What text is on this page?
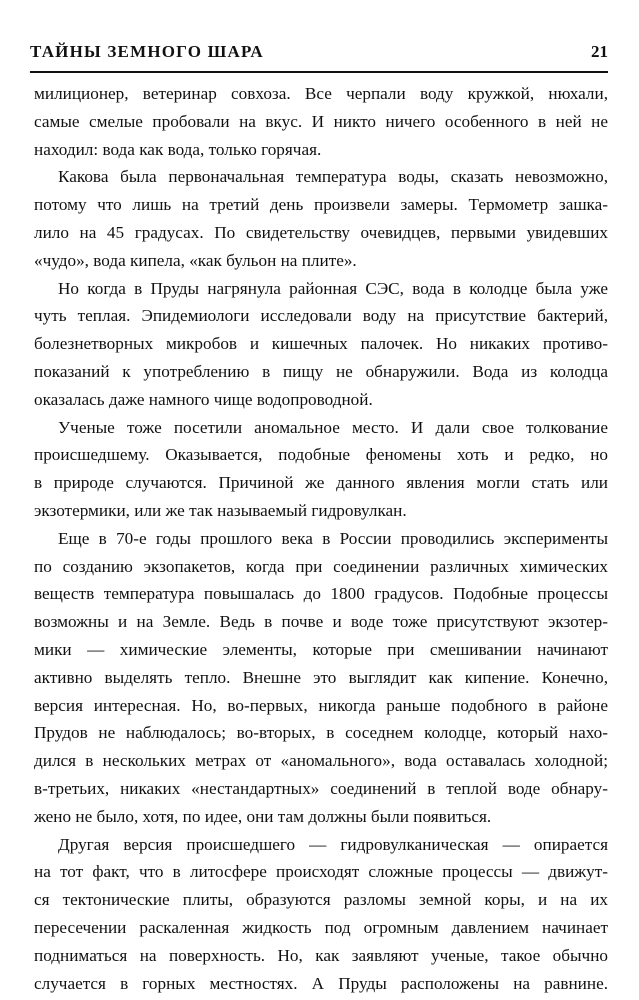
ТАЙНЫ ЗЕМНОГО ШАРА	21
милиционер, ветеринар совхоза. Все черпали воду кружкой, нюхали,
самые смелые пробовали на вкус. И никто ничего особенного в ней не
находил: вода как вода, только горячая.
Какова была первоначальная температура воды, сказать невозможно,
потому что лишь на третий день произвели замеры. Термометр зашка-
лило на 45 градусах. По свидетельству очевидцев, первыми увидевших
«чудо», вода кипела, «как бульон на плите».
Но когда в Пруды нагрянула районная СЭС, вода в колодце была уже
чуть теплая. Эпидемиологи исследовали воду на присутствие бактерий,
болезнетворных микробов и кишечных палочек. Но никаких противо-
показаний к употреблению в пищу не обнаружили. Вода из колодца
оказалась даже намного чище водопроводной.
Ученые тоже посетили аномальное место. И дали свое толкование
происшедшему. Оказывается, подобные феномены хоть и редко, но
в природе случаются. Причиной же данного явления могли стать или
экзотермики, или же так называемый гидровулкан.
Еще в 70-е годы прошлого века в России проводились эксперименты
по созданию экзопакетов, когда при соединении различных химических
веществ температура повышалась до 1800 градусов. Подобные процессы
возможны и на Земле. Ведь в почве и воде тоже присутствуют экзотер-
мики — химические элементы, которые при смешивании начинают
активно выделять тепло. Внешне это выглядит как кипение. Конечно,
версия интересная. Но, во-первых, никогда раньше подобного в районе
Прудов не наблюдалось; во-вторых, в соседнем колодце, который нахо-
дился в нескольких метрах от «аномального», вода оставалась холодной;
в-третьих, никаких «нестандартных» соединений в теплой воде обнару-
жено не было, хотя, по идее, они там должны были появиться.
Другая версия происшедшего — гидровулканическая — опирается
на тот факт, что в литосфере происходят сложные процессы — движут-
ся тектонические плиты, образуются разломы земной коры, и на их
пересечении раскаленная жидкость под огромным давлением начинает
подниматься на поверхность. Но, как заявляют ученые, такое обычно
случается в горных местностях. А Пруды расположены на равнине.
